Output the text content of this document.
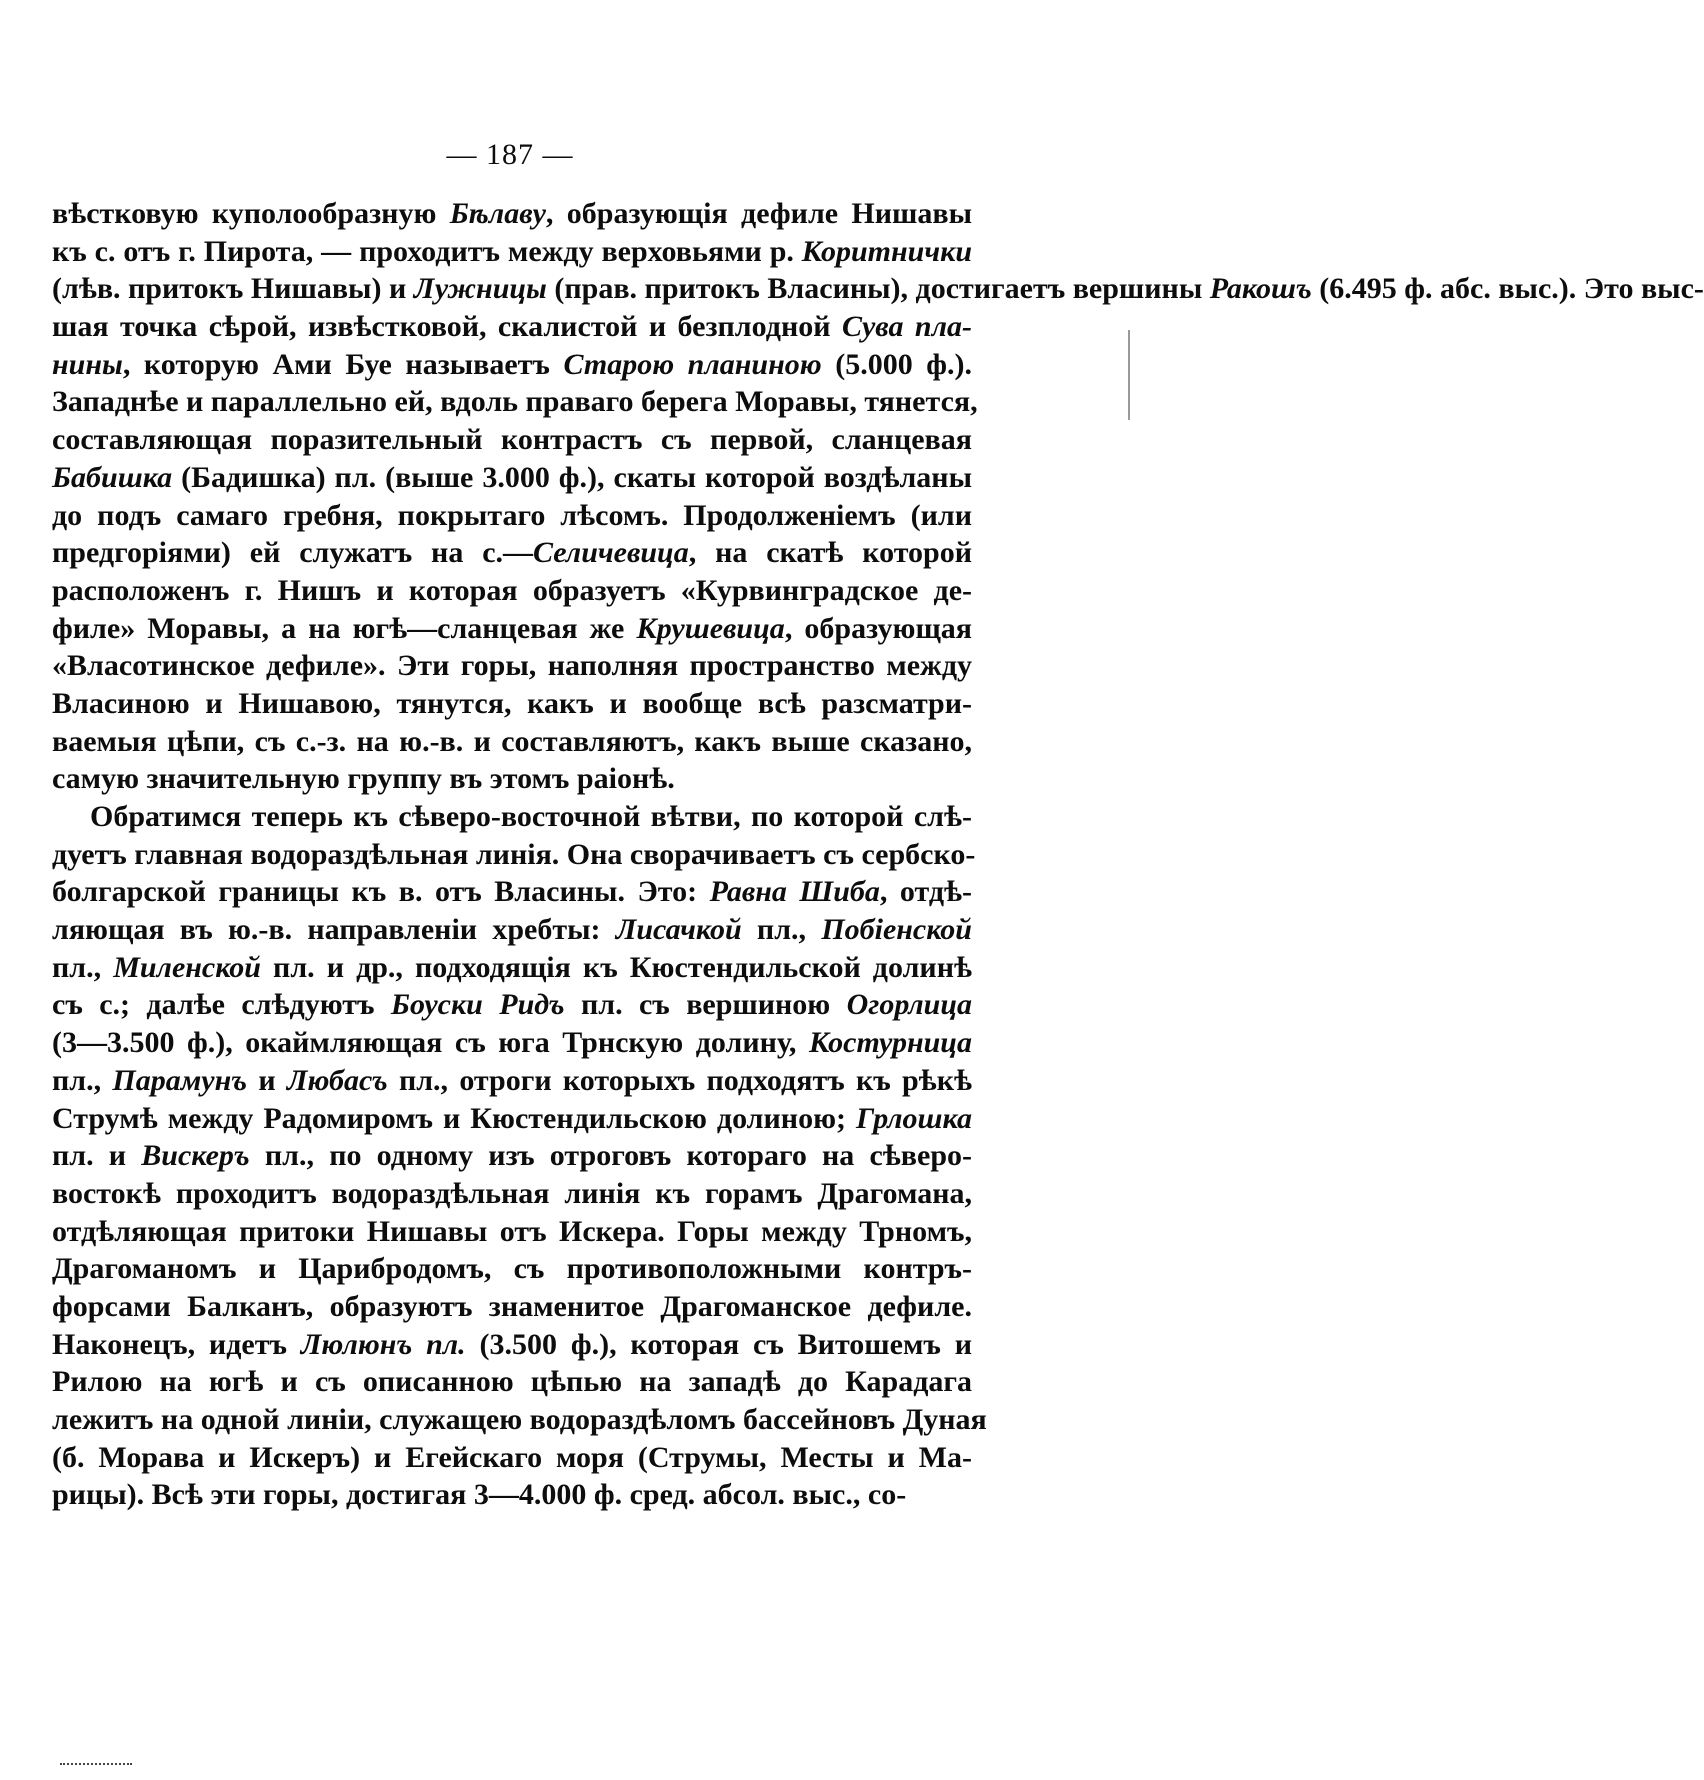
— 187 —
вѣстковую куполообразную Бѣлаву, образующія дефиле Нишавы
къ с. отъ г. Пирота, — проходитъ между верховьями р. Коритнички
(лѣв. притокъ Нишавы) и Лужницы (прав. притокъ Власины), достигаетъ вершины Ракошъ (6.495 ф. абс. выс.). Это выс-
шая точка сѣрой, извѣстковой, скалистой и безплодной Сува пла-
нины, которую Ами Буе называетъ Старою планиною (5.000 ф.).
Западнѣе и параллельно ей, вдоль праваго берега Моравы, тянется,
составляющая поразительный контрастъ съ первой, сланцевая
Бабишка (Бадишка) пл. (выше 3.000 ф.), скаты которой воздѣланы
до подъ самаго гребня, покрытаго лѣсомъ. Продолженіемъ (или
предгоріями) ей служатъ на с.—Селичевица, на скатѣ которой
расположенъ г. Нишъ и которая образуетъ «Курвинградское де-
филе» Моравы, а на югѣ—сланцевая же Крушевица, образующая
«Власотинское дефиле». Эти горы, наполняя пространство между
Власиною и Нишавою, тянутся, какъ и вообще всѣ разсматри-
ваемыя цѣпи, съ с.-з. на ю.-в. и составляютъ, какъ выше сказано,
самую значительную группу въ этомъ раіонѣ.
Обратимся теперь къ сѣверо-восточной вѣтви, по которой слѣ-
дуетъ главная водораздѣльная линія. Она сворачиваетъ съ сербско-
болгарской границы къ в. отъ Власины. Это: Равна Шиба, отдѣ-
ляющая въ ю.-в. направленіи хребты: Лисачкой пл., Побіенской
пл., Миленской пл. и др., подходящія къ Кюстендильской долинѣ
съ с.; далѣе слѣдуютъ Боуски Ридъ пл. съ вершиною Огорлица
(3—3.500 ф.), окаймляющая съ юга Трнскую долину, Костурница
пл., Парамунъ и Любасъ пл., отроги которыхъ подходятъ къ рѣкѣ
Струмѣ между Радомиромъ и Кюстендильскою долиною; Грлошка
пл. и Вискеръ пл., по одному изъ отроговъ котораго на сѣверо-
востокѣ проходитъ водораздѣльная линія къ горамъ Драгомана,
отдѣляющая притоки Нишавы отъ Искера. Горы между Трномъ,
Драгоманомъ и Царибродомъ, съ противоположными контръ-
форсами Балканъ, образуютъ знаменитое Драгоманское дефиле.
Наконецъ, идетъ Люлюнъ пл. (3.500 ф.), которая съ Витошемъ и
Рилою на югѣ и съ описанною цѣпью на западѣ до Карадага
лежитъ на одной линіи, служащею водораздѣломъ бассейновъ Дуная
(б. Морава и Искеръ) и Егейскаго моря (Струмы, Месты и Ма-
рицы). Всѣ эти горы, достигая 3—4.000 ф. сред. абсол. выс., со-
